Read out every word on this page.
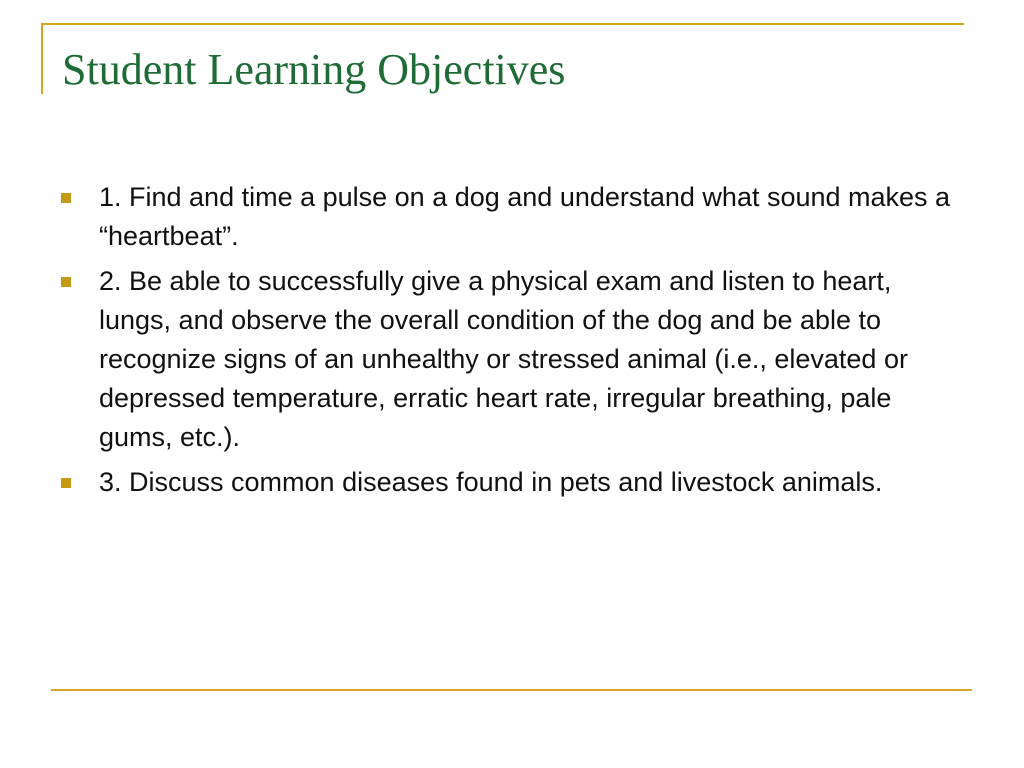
Student Learning Objectives
1. Find and time a pulse on a dog and understand what sound makes a “heartbeat”.
2. Be able to successfully give a physical exam and listen to heart, lungs, and observe the overall condition of the dog and be able to recognize signs of an unhealthy or stressed animal (i.e., elevated or depressed temperature, erratic heart rate, irregular breathing, pale gums, etc.).
3. Discuss common diseases found in pets and livestock animals.
